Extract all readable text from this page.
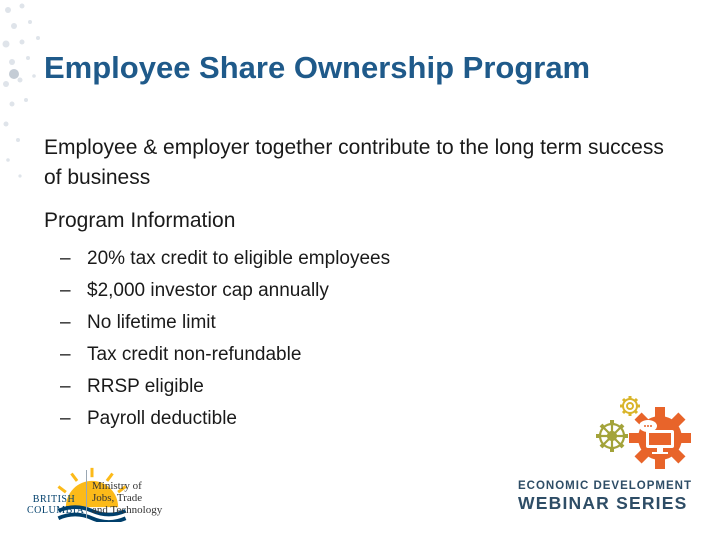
Employee Share Ownership Program
Employee & employer together contribute to the long term success of business
Program Information
– 20% tax credit to eligible employees
– $2,000 investor cap annually
– No lifetime limit
– Tax credit non-refundable
– RRSP eligible
– Payroll deductible
BRITISH
COLUMBIA
Ministry of
Jobs, Trade
and Technology
ECONOMIC DEVELOPMENT
WEBINAR SERIES
